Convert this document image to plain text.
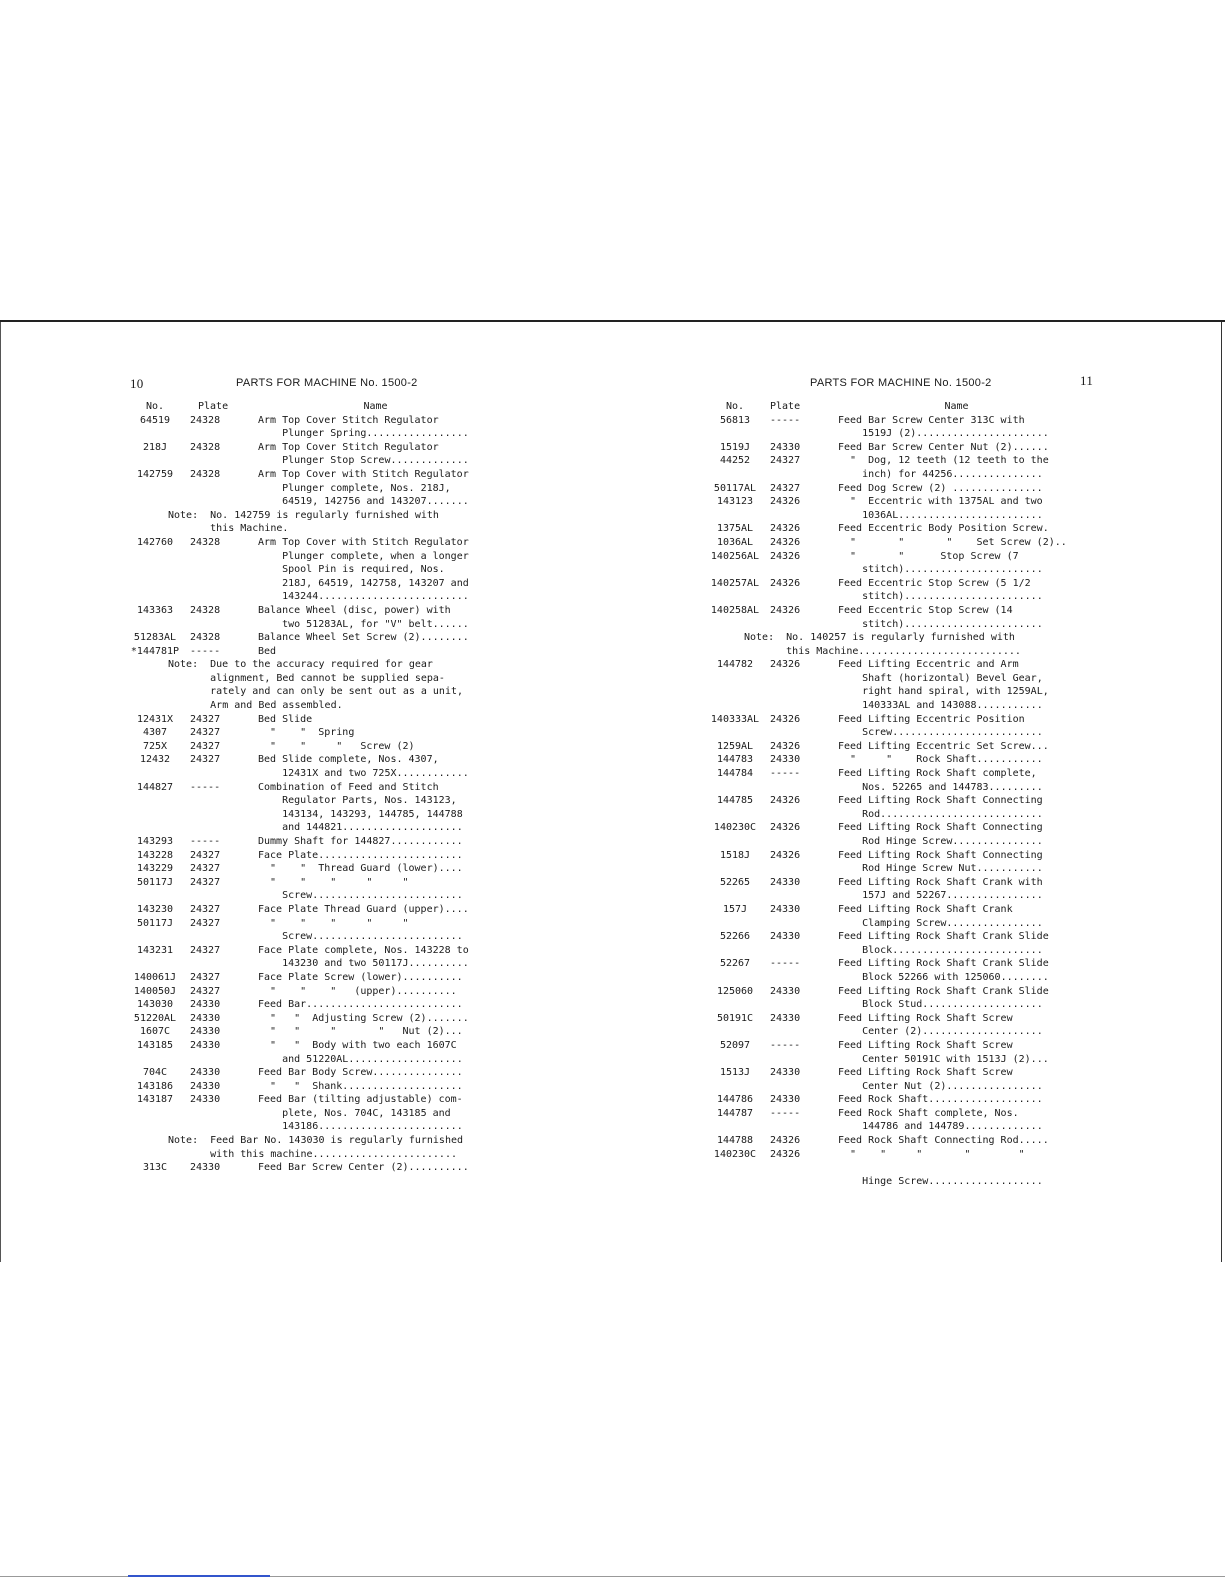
10	PARTS FOR MACHINE No. 1500-2
No.	Plate	Name
64519	24328	Arm Top Cover Stitch Regulator
Plunger Spring.................
218J	24328	Arm Top Cover Stitch Regulator
Plunger Stop Screw.............
142759	24328	Arm Top Cover with Stitch Regulator
Plunger complete, Nos. 218J,
64519, 142756 and 143207.......
Note:  No. 142759 is regularly furnished with
this Machine.
142760	24328	Arm Top Cover with Stitch Regulator
Plunger complete, when a longer
Spool Pin is required, Nos.
218J, 64519, 142758, 143207 and
143244.........................
143363	24328	Balance Wheel (disc, power) with
two 51283AL, for "V" belt......
51283AL	24328	Balance Wheel Set Screw (2)........
*144781P	-----	Bed
Note:  Due to the accuracy required for gear
alignment, Bed cannot be supplied sepa-
rately and can only be sent out as a unit,
Arm and Bed assembled.
12431X	24327	Bed Slide
4307	24327	"    "  Spring
725X	24327	"    "     "   Screw (2)
12432	24327	Bed Slide complete, Nos. 4307,
12431X and two 725X............
144827	-----	Combination of Feed and Stitch
Regulator Parts, Nos. 143123,
143134, 143293, 144785, 144788
and 144821....................
143293	-----	Dummy Shaft for 144827............
143228	24327	Face Plate........................
143229	24327	"    "  Thread Guard (lower)....
50117J	24327	"    "    "     "     "
Screw.........................
143230	24327	Face Plate Thread Guard (upper)....
50117J	24327	"    "    "     "     "
Screw.........................
143231	24327	Face Plate complete, Nos. 143228 to
143230 and two 50117J..........
140061J	24327	Face Plate Screw (lower)..........
140050J	24327	"    "    "   (upper)..........
143030	24330	Feed Bar..........................
51220AL	24330	"   "  Adjusting Screw (2).......
1607C	24330	"   "     "       "   Nut (2)...
143185	24330	"   "  Body with two each 1607C
and 51220AL...................
704C	24330	Feed Bar Body Screw...............
143186	24330	"   "  Shank....................
143187	24330	Feed Bar (tilting adjustable) com-
plete, Nos. 704C, 143185 and
143186........................
Note:  Feed Bar No. 143030 is regularly furnished
with this machine........................
313C	24330	Feed Bar Screw Center (2)..........
PARTS FOR MACHINE No. 1500-2	11
No.	Plate	Name
56813	-----	Feed Bar Screw Center 313C with
1519J (2)......................
1519J	24330	Feed Bar Screw Center Nut (2)......
44252	24327	"  Dog, 12 teeth (12 teeth to the
inch) for 44256...............
50117AL	24327	Feed Dog Screw (2) ...............
143123	24326	"  Eccentric with 1375AL and two
1036AL........................
1375AL	24326	Feed Eccentric Body Position Screw.
1036AL	24326	"       "       "    Set Screw (2)..
140256AL	24326	"       "      Stop Screw (7
stitch).......................
140257AL	24326	Feed Eccentric Stop Screw (5 1/2
stitch).......................
140258AL	24326	Feed Eccentric Stop Screw (14
stitch).......................
Note:  No. 140257 is regularly furnished with
this Machine...........................
144782	24326	Feed Lifting Eccentric and Arm
Shaft (horizontal) Bevel Gear,
right hand spiral, with 1259AL,
140333AL and 143088...........
140333AL	24326	Feed Lifting Eccentric Position
Screw.........................
1259AL	24326	Feed Lifting Eccentric Set Screw...
144783	24330	"     "    Rock Shaft...........
144784	-----	Feed Lifting Rock Shaft complete,
Nos. 52265 and 144783.........
144785	24326	Feed Lifting Rock Shaft Connecting
Rod...........................
140230C	24326	Feed Lifting Rock Shaft Connecting
Rod Hinge Screw...............
1518J	24326	Feed Lifting Rock Shaft Connecting
Rod Hinge Screw Nut...........
52265	24330	Feed Lifting Rock Shaft Crank with
157J and 52267................
157J	24330	Feed Lifting Rock Shaft Crank
Clamping Screw................
52266	24330	Feed Lifting Rock Shaft Crank Slide
Block.........................
52267	-----	Feed Lifting Rock Shaft Crank Slide
Block 52266 with 125060........
125060	24330	Feed Lifting Rock Shaft Crank Slide
Block Stud....................
50191C	24330	Feed Lifting Rock Shaft Screw
Center (2)....................
52097	-----	Feed Lifting Rock Shaft Screw
Center 50191C with 1513J (2)...
1513J	24330	Feed Lifting Rock Shaft Screw
Center Nut (2)................
144786	24330	Feed Rock Shaft...................
144787	-----	Feed Rock Shaft complete, Nos.
144786 and 144789.............
144788	24326	Feed Rock Shaft Connecting Rod.....
140230C	24326	"    "     "       "        "

Hinge Screw...................
